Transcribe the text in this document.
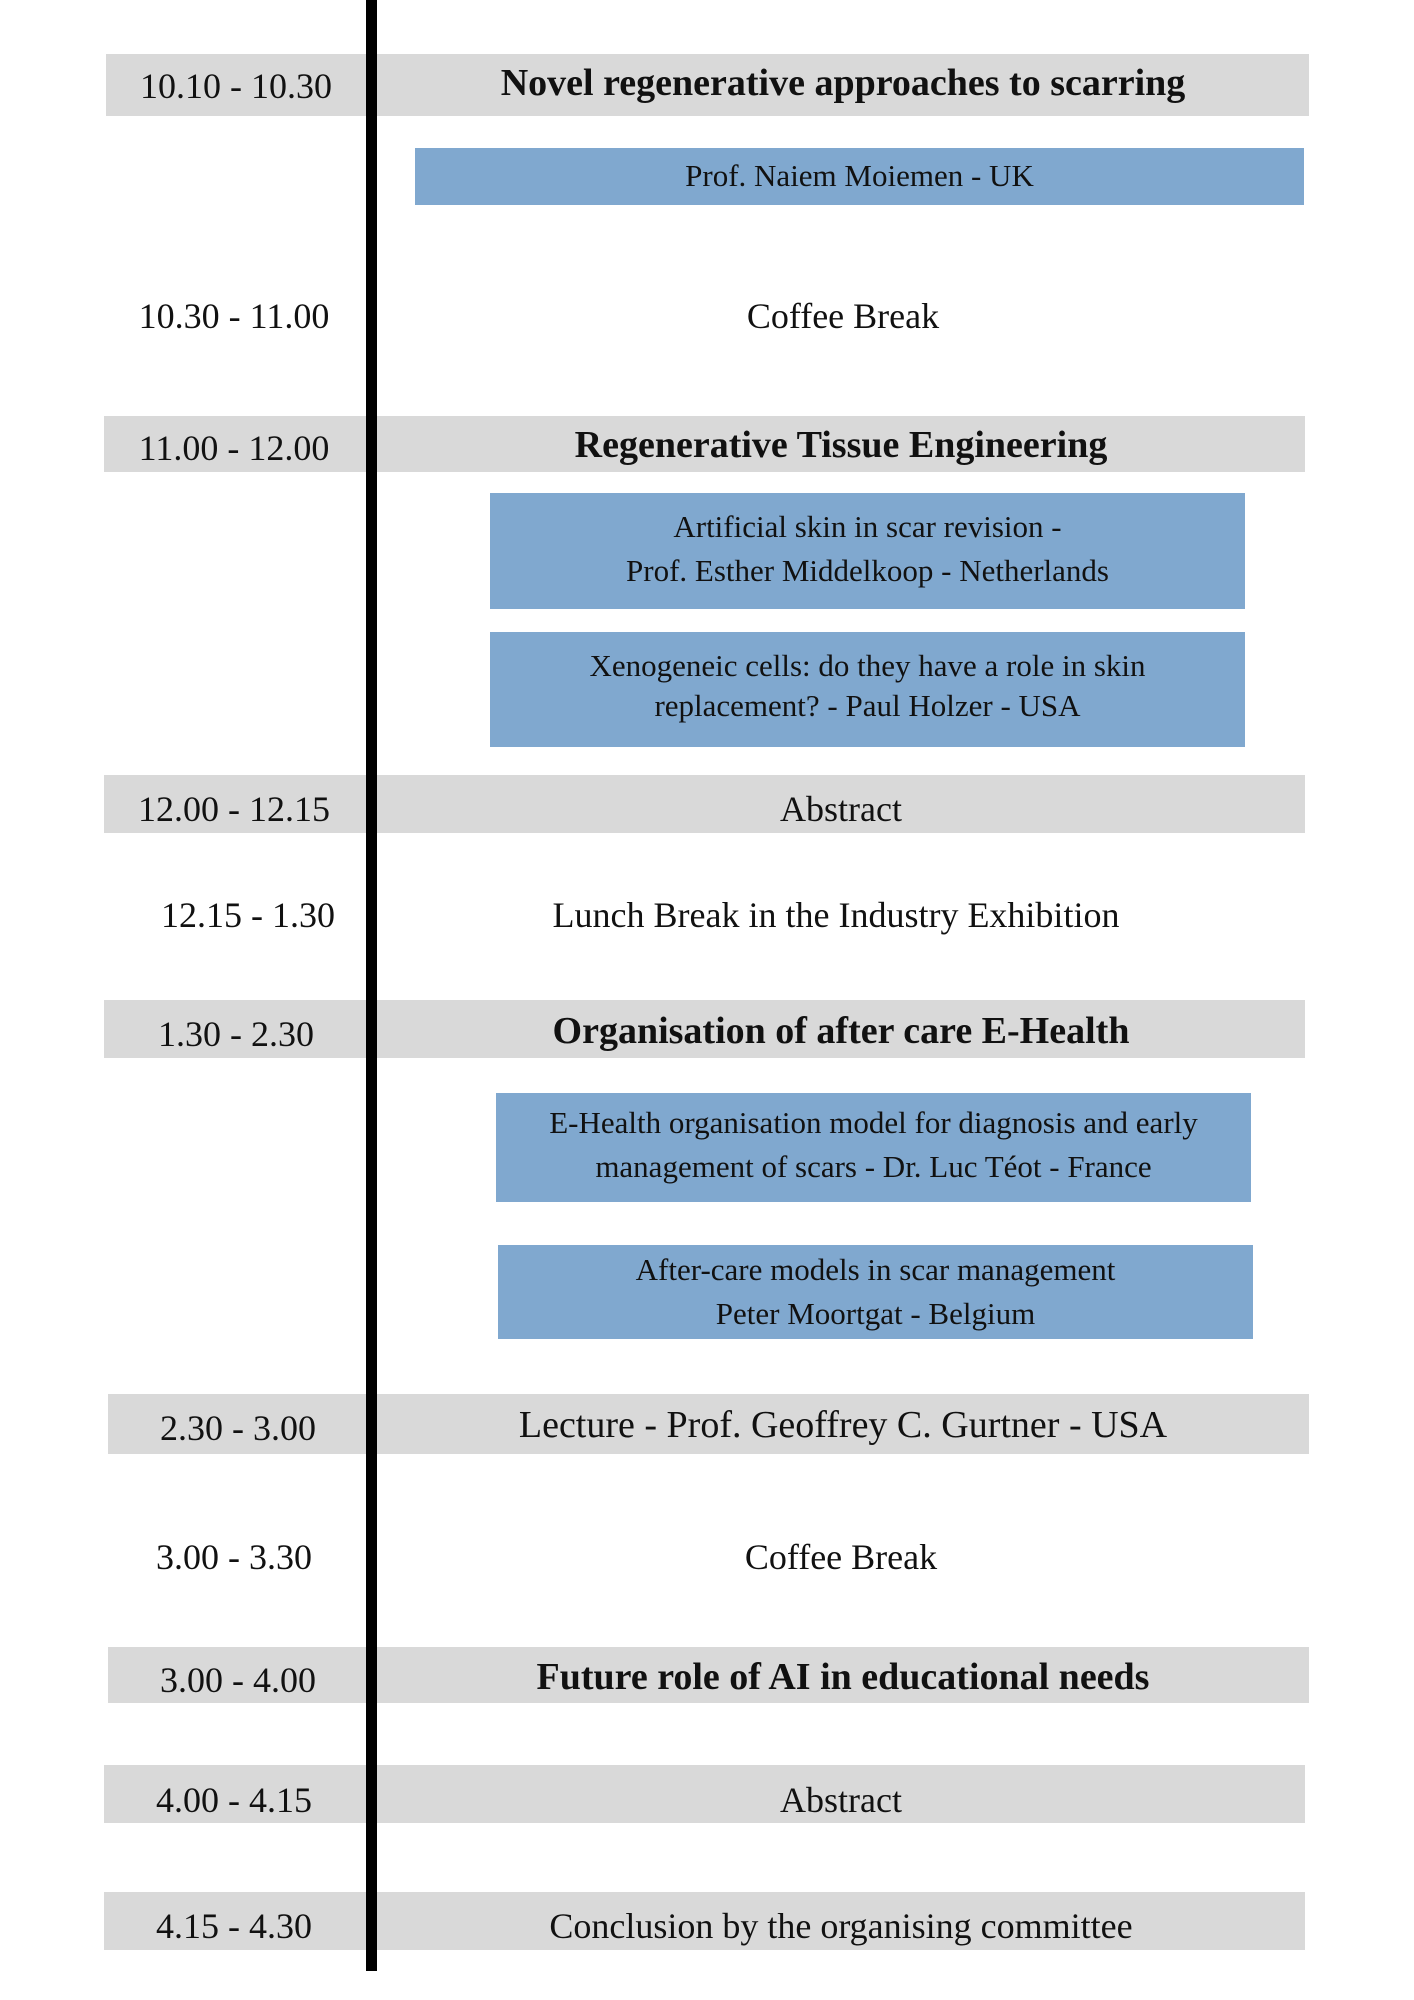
10.10 - 10.30	Novel regenerative approaches to scarring
Prof. Naiem Moiemen - UK
10.30 - 11.00	Coffee Break
11.00 - 12.00	Regenerative Tissue Engineering
Artificial skin in scar revision -
Prof. Esther Middelkoop - Netherlands
Xenogeneic cells: do they have a role in skin
replacement? - Paul Holzer - USA
12.00 - 12.15	Abstract
12.15 - 1.30	Lunch Break in the Industry Exhibition
1.30 - 2.30	Organisation of after care E-Health
E-Health organisation model for diagnosis and early
management of scars - Dr. Luc Téot - France
After-care models in scar management
Peter Moortgat - Belgium
2.30 - 3.00	Lecture - Prof. Geoffrey C. Gurtner - USA
3.00 - 3.30	Coffee Break
3.00 - 4.00	Future role of AI in educational needs
4.00 - 4.15	Abstract
4.15 - 4.30	Conclusion by the organising committee
